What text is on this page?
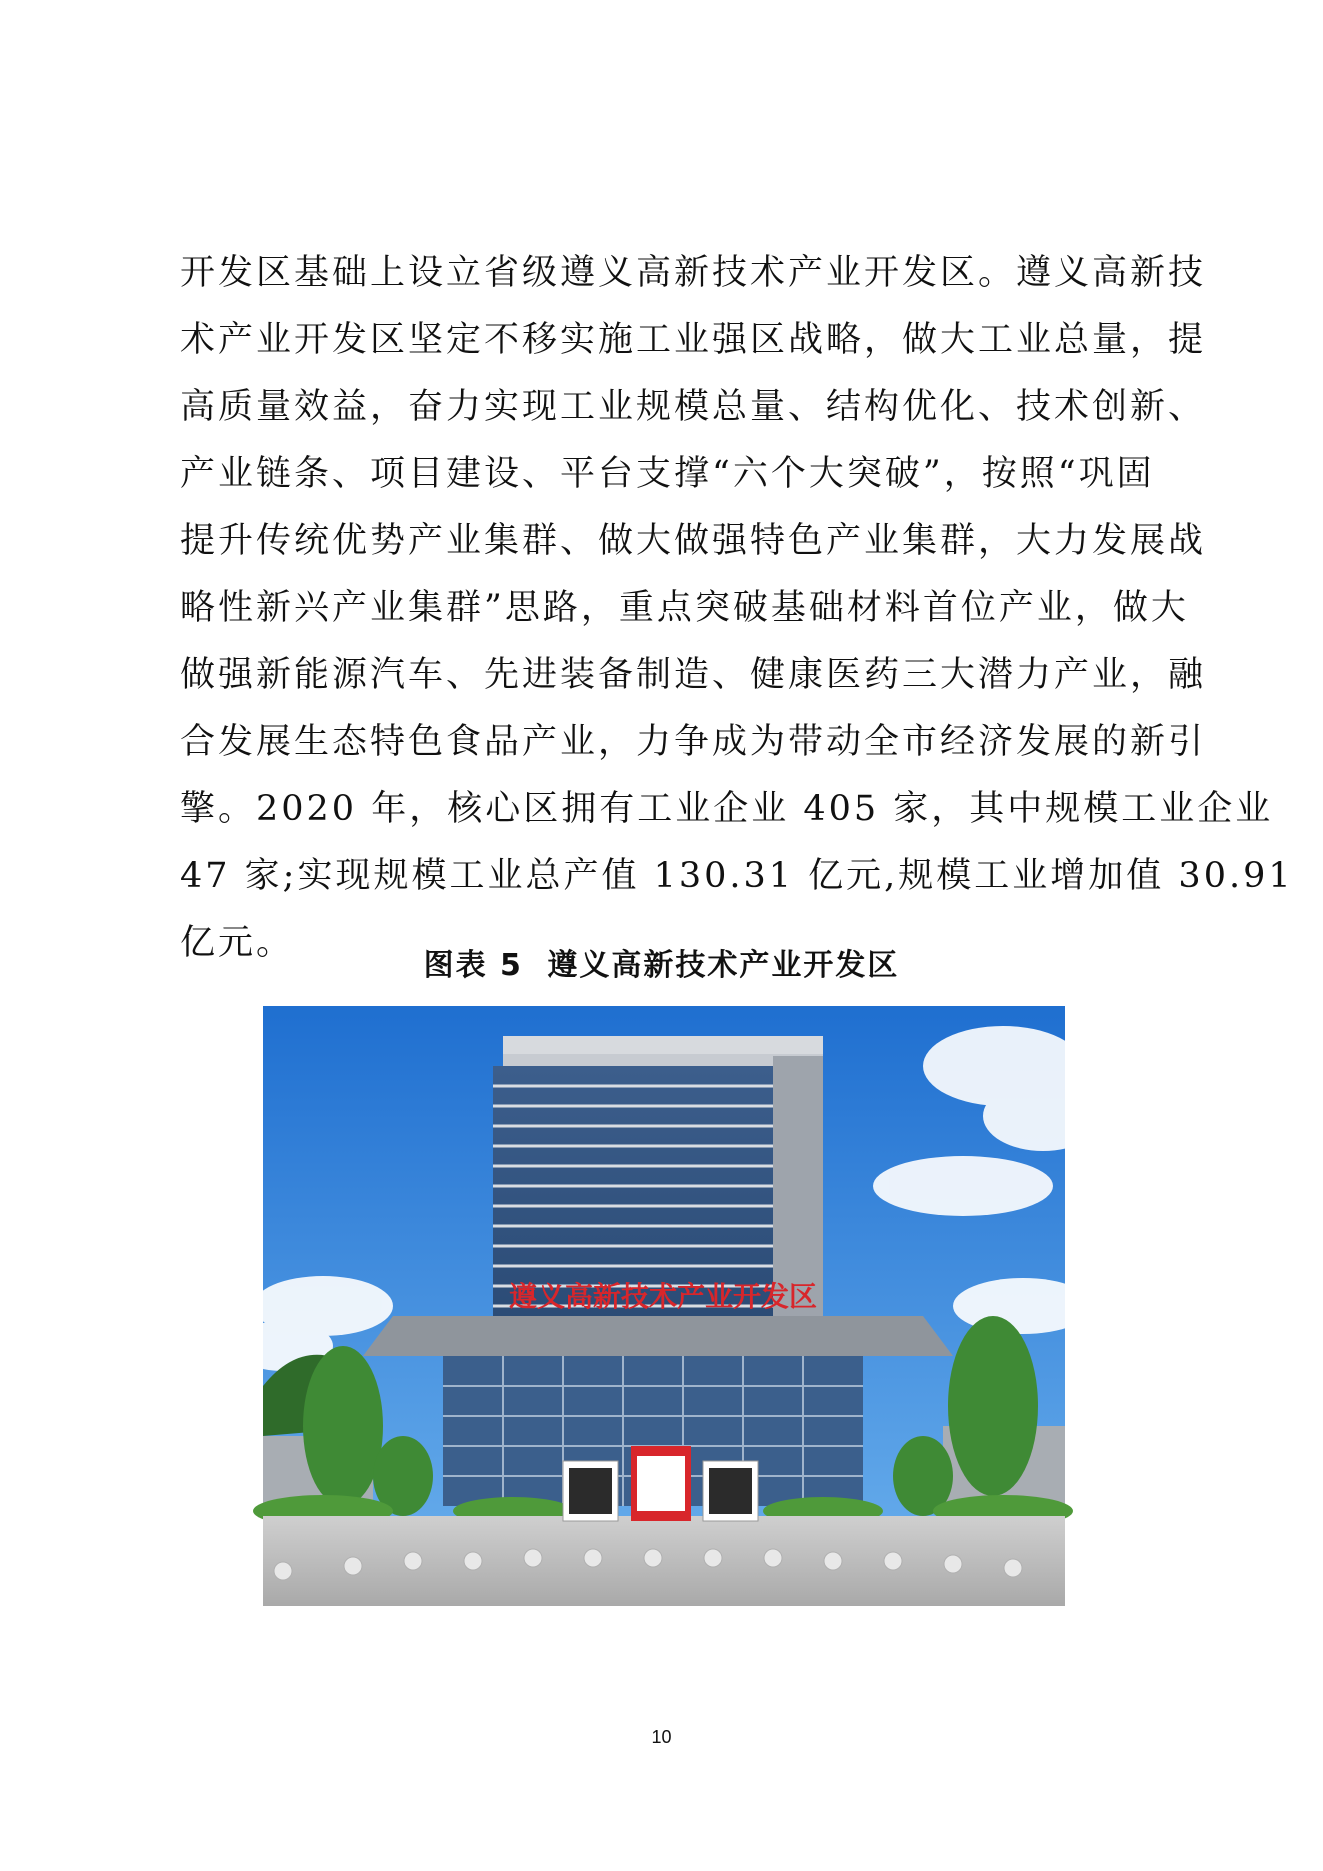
开发区基础上设立省级遵义高新技术产业开发区。遵义高新技
术产业开发区坚定不移实施工业强区战略，做大工业总量，提
高质量效益，奋力实现工业规模总量、结构优化、技术创新、
产业链条、项目建设、平台支撑“六个大突破”，按照“巩固
提升传统优势产业集群、做大做强特色产业集群，大力发展战
略性新兴产业集群”思路，重点突破基础材料首位产业，做大
做强新能源汽车、先进装备制造、健康医药三大潜力产业，融
合发展生态特色食品产业，力争成为带动全市经济发展的新引
擎。2020 年，核心区拥有工业企业 405 家，其中规模工业企业
47 家;实现规模工业总产值 130.31 亿元,规模工业增加值 30.91
亿元。
图表 5 遵义高新技术产业开发区
遵义高新技术产业开发区
10
